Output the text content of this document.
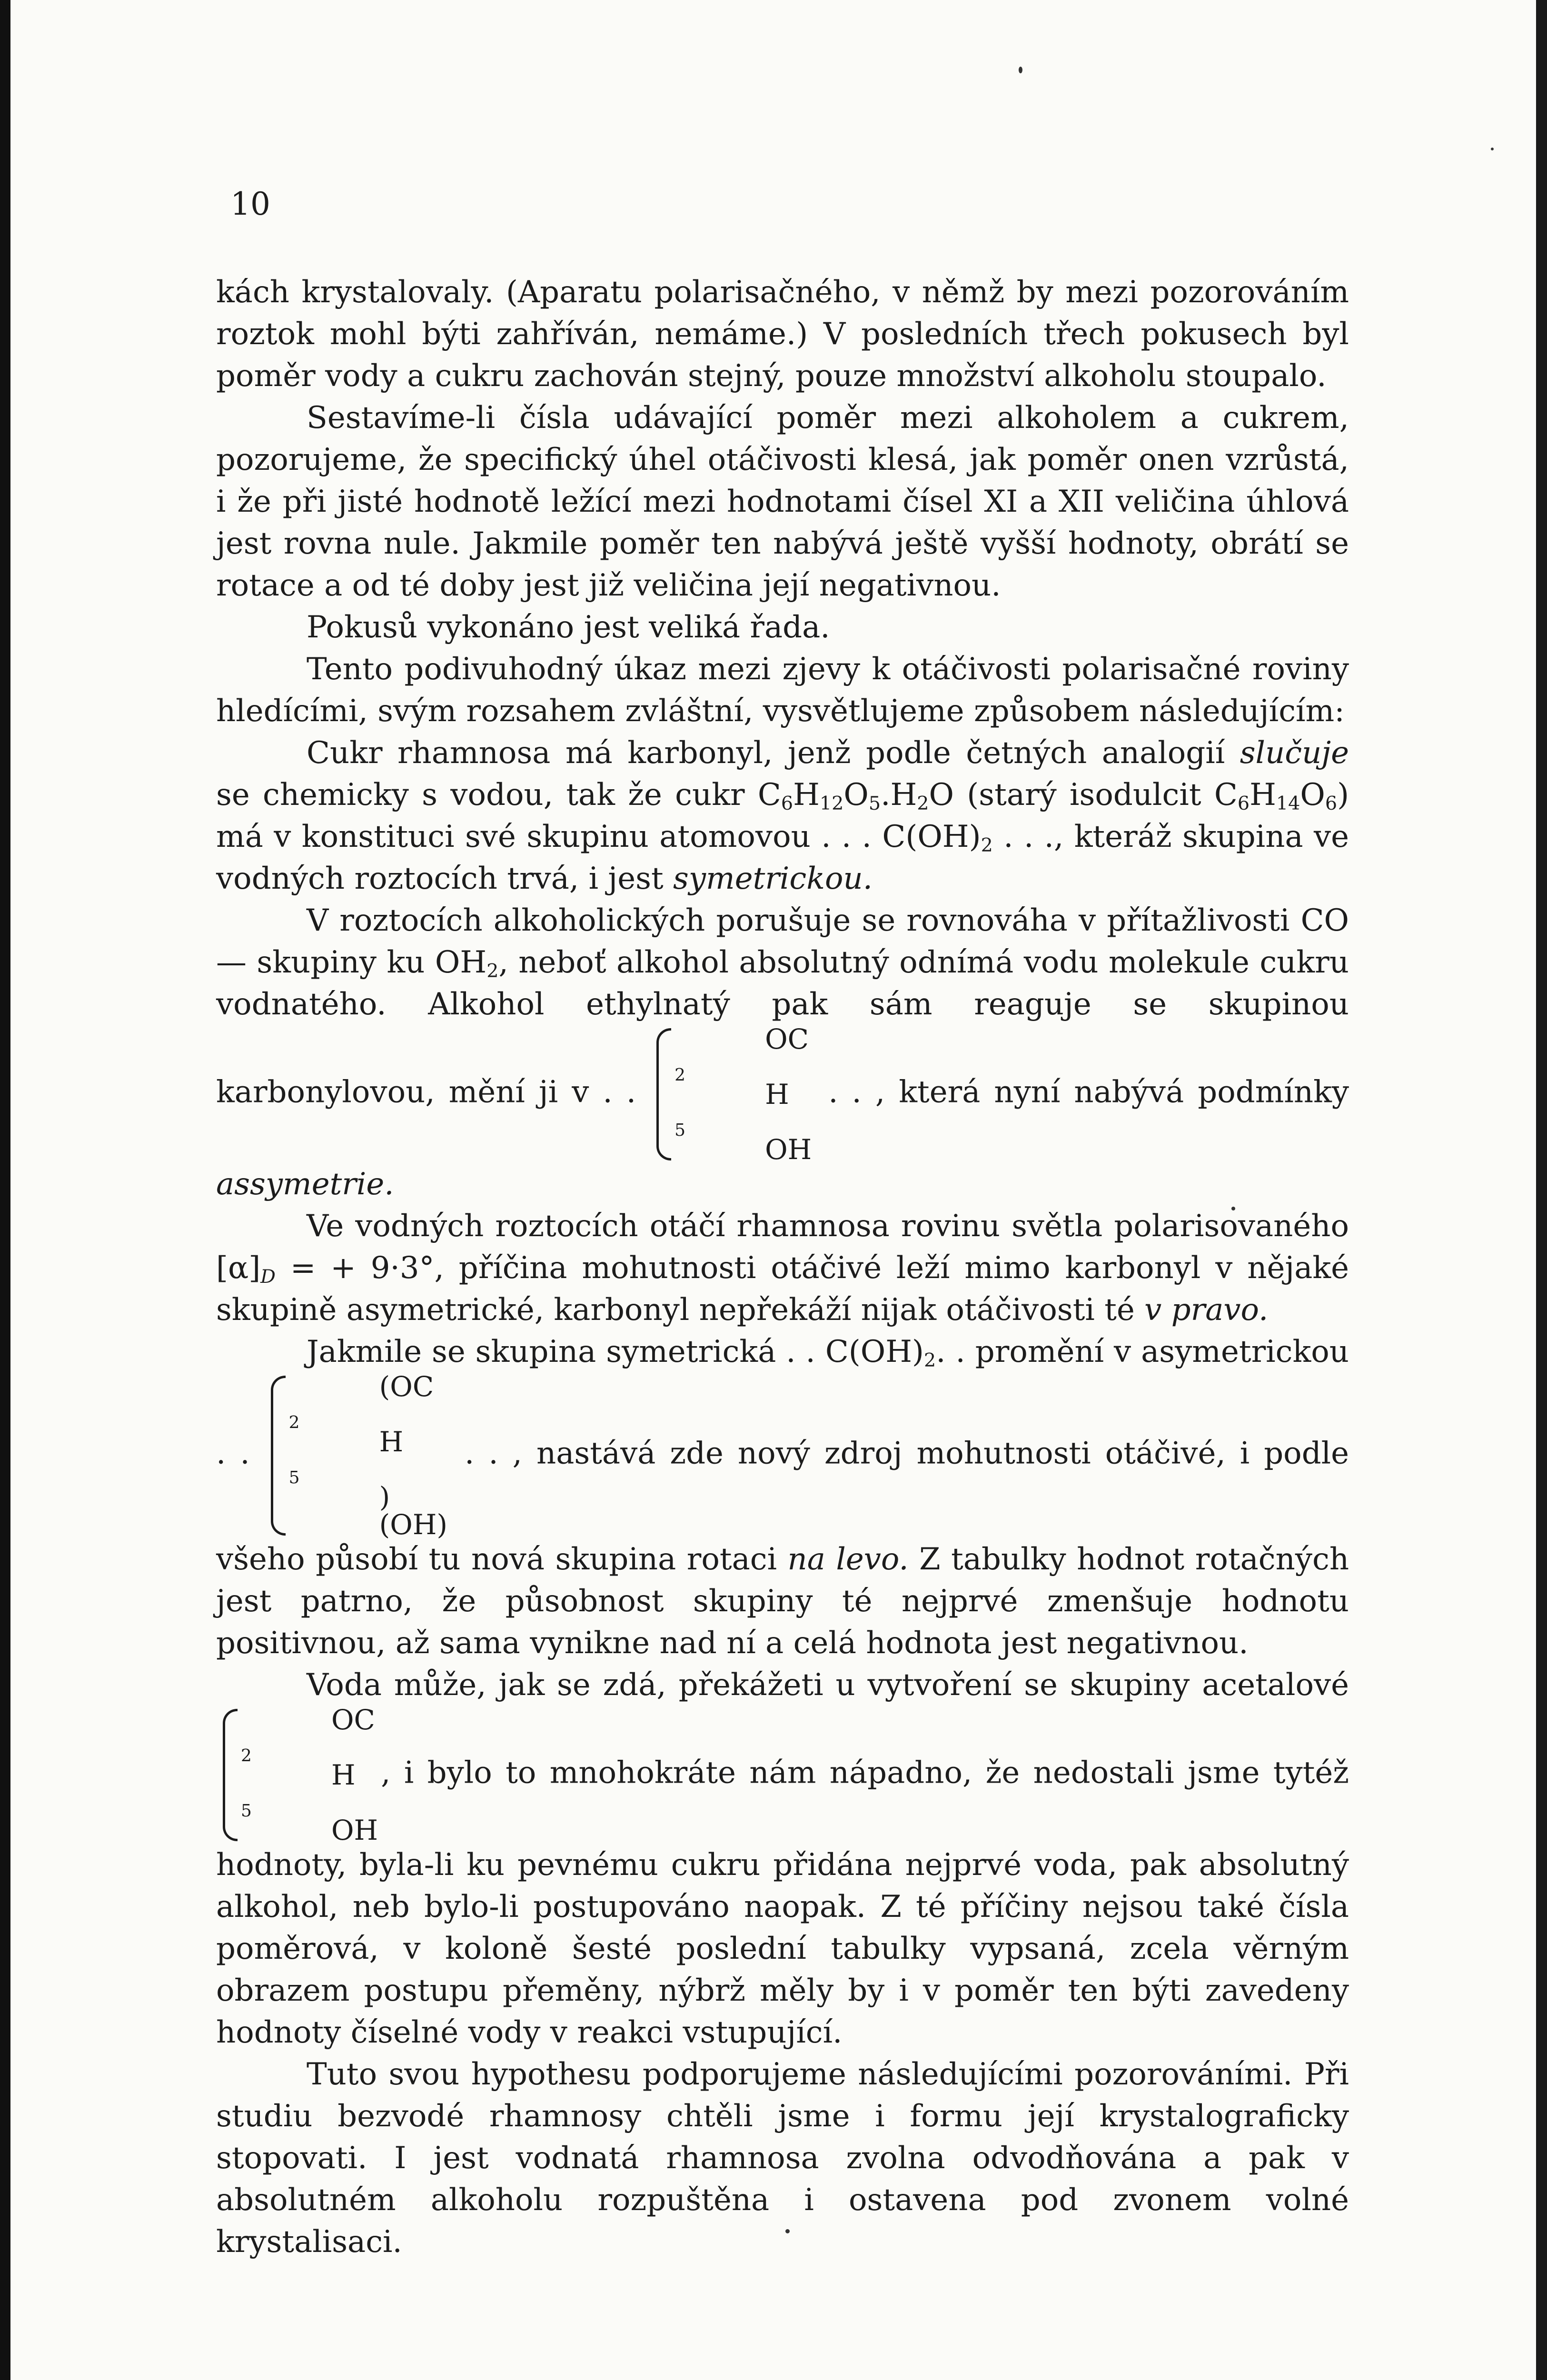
10

kách krystalovaly. (Aparatu polarisačného, v němž by mezi pozorováním roztok mohl býti zahříván, nemáme.) V posledních třech pokusech byl poměr vody a cukru zachován stejný, pouze množství alkoholu stoupalo.

Sestavíme-li čísla udávající poměr mezi alkoholem a cukrem, pozorujeme, že specifický úhel otáčivosti klesá, jak poměr onen vzrůstá, i že při jisté hodnotě ležící mezi hodnotami čísel XI a XII veličina úhlová jest rovna nule. Jakmile poměr ten nabývá ještě vyšší hodnoty, obrátí se rotace a od té doby jest již veličina její negativnou.

Pokusů vykonáno jest veliká řada.

Tento podivuhodný úkaz mezi zjevy k otáčivosti polarisačné roviny hledícími, svým rozsahem zvláštní, vysvětlujeme způsobem následujícím:

Cukr rhamnosa má karbonyl, jenž podle četných analogií slučuje se chemicky s vodou, tak že cukr $C_6H_{12}O_5.H_2O$ (starý isodulcit $C_6H_{14}O_6$) má v konstituci své skupinu atomovou . . . $C(OH)_2$ . . ., kteráž skupina ve vodných roztocích trvá, i jest symetrickou.

V roztocích alkoholických porušuje se rovnováha v přítažlivosti CO — skupiny ku $OH_2$, neboť alkohol absolutný odnímá vodu molekule cukru vodnatého. Alkohol ethylnatý pak sám reaguje se skupinou karbonylovou, mění ji v . .
OC
$_2$
H
$_5$
OH
. . , která nyní nabývá podmínky assymetrie.

Ve vodných roztocích otáčí rhamnosa rovinu světla polarisovaného $[\alpha]_D$ = + 9·3°, příčina mohutnosti otáčivé leží mimo karbonyl v nějaké skupině asymetrické, karbonyl nepřekáží nijak otáčivosti té v pravo.

Jakmile se skupina symetrická . . $C(OH)_2$. . promění v asymetrickou . .
(OC
$_2$
H
$_5$
)
(OH)
. . , nastává zde nový zdroj mohutnosti otáčivé, i podle všeho působí tu nová skupina rotaci na levo. Z tabulky hodnot rotačných jest patrno, že působnost skupiny té nejprvé zmenšuje hodnotu positivnou, až sama vynikne nad ní a celá hodnota jest negativnou.

Voda může, jak se zdá, překážeti u vytvoření se skupiny acetalové
OC
$_2$
H
$_5$
OH
, i bylo to mnohokráte nám nápadno, že nedostali jsme tytéž hodnoty, byla-li ku pevnému cukru přidána nejprvé voda, pak absolutný alkohol, neb bylo-li postupováno naopak. Z té příčiny nejsou také čísla poměrová, v koloně šesté poslední tabulky vypsaná, zcela věrným obrazem postupu přeměny, nýbrž měly by i v poměr ten býti zavedeny hodnoty číselné vody v reakci vstupující.

Tuto svou hypothesu podporujeme následujícími pozorováními. Při studiu bezvodé rhamnosy chtěli jsme i formu její krystalograficky stopovati. I jest vodnatá rhamnosa zvolna odvodňována a pak v absolutném alkoholu rozpuštěna i ostavena pod zvonem volné krystalisaci.
